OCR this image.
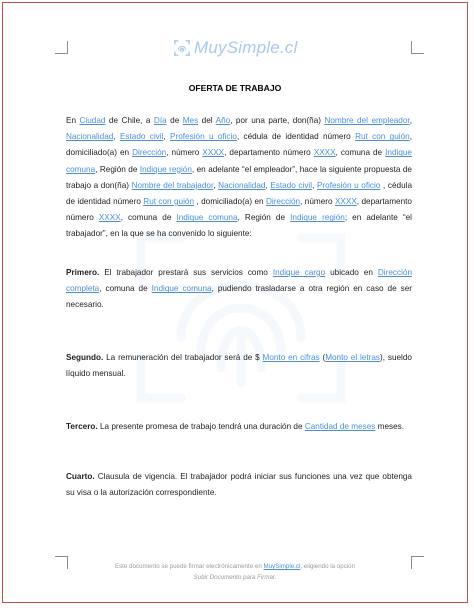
MuySimple.cl
OFERTA DE TRABAJO
En Ciudad de Chile, a Día de Mes del Año, por una parte, don(ña) Nombre del empleador, Nacionalidad, Estado civil, Profesión u oficio, cédula de identidad número Rut con guión, domiciliado(a) en Dirección, número XXXX, departamento número XXXX, comuna de Indique comuna, Región de Indique región, en adelante “el empleador”, hace la siguiente propuesta de trabajo a don(ña) Nombre del trabajador, Nacionalidad, Estado civil, Profesión u oficio , cédula de identidad número Rut con guión , domiciliado(a) en Dirección, número XXXX, departamento número XXXX, comuna de Indique comuna, Región de Indique región; en adelante “el trabajador”, en la que se ha convenido lo siguiente:
Primero. El trabajador prestará sus servicios como Indique cargo ubicado en Dirección completa, comuna de Indique comuna, pudiendo trasladarse a otra región en caso de ser necesario.
Segundo. La remuneración del trabajador será de $ Monto en cifras (Monto el letras), sueldo líquido mensual.
Tercero. La presente promesa de trabajo tendrá una duración de Cantidad de meses meses.
Cuarto. Clausula de vigencia. El trabajador podrá iniciar sus funciones una vez que obtenga su visa o la autorización correspondiente.
Este documento se puede firmar electrónicamente en MuySimple.cl, eligiendo la opción
Subir Documento para Firmar.
